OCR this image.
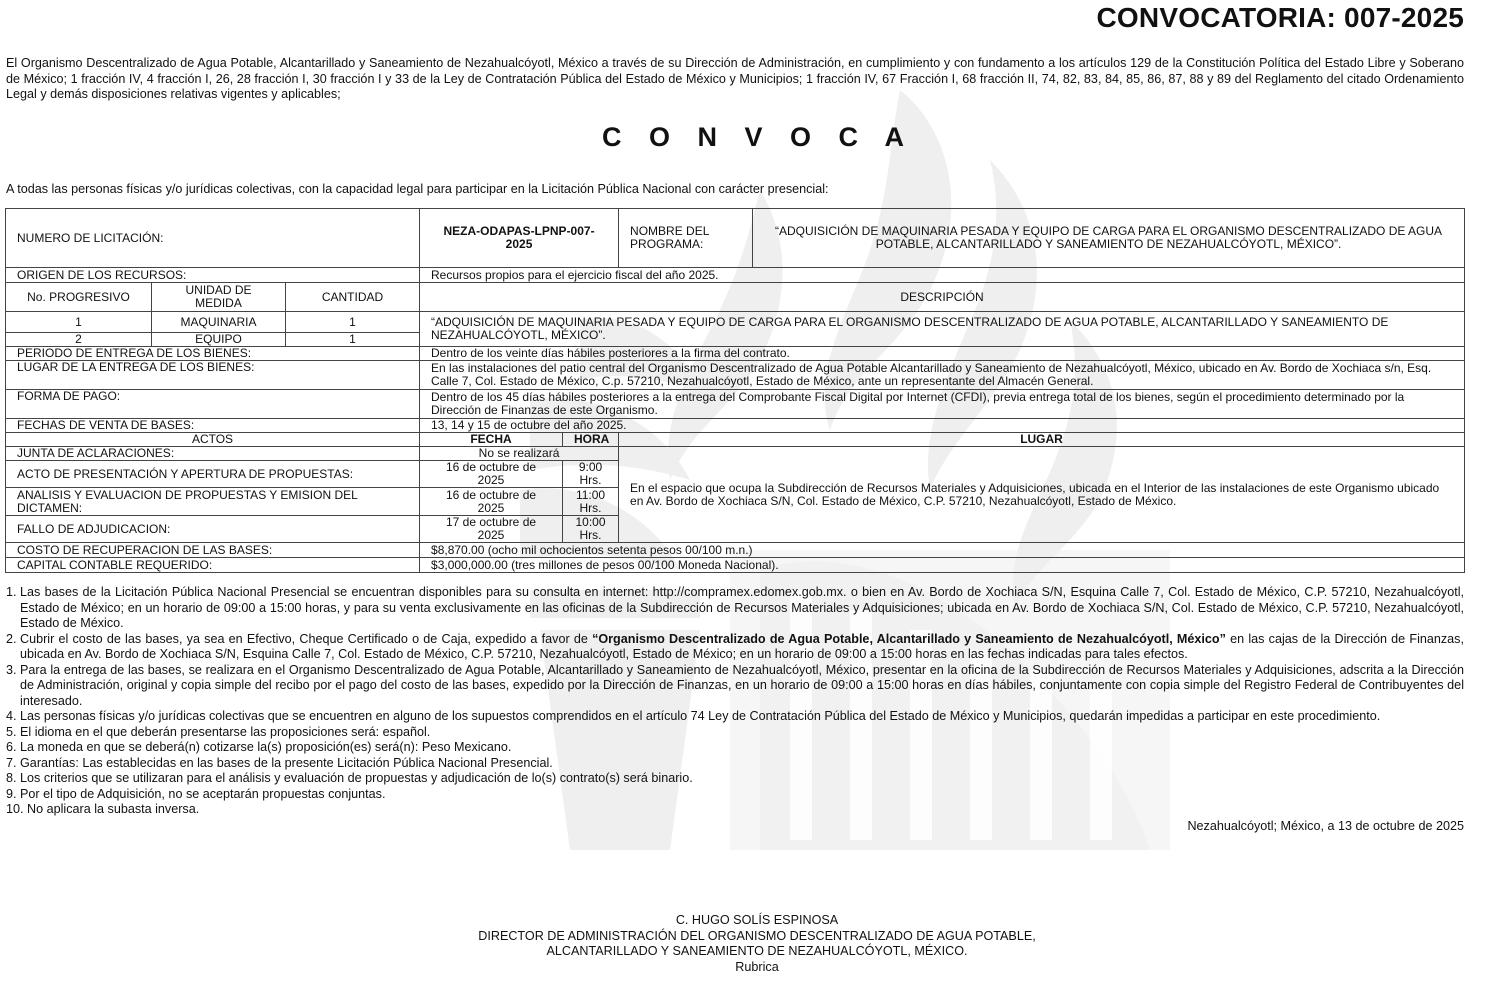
CONVOCATORIA: 007-2025
El Organismo Descentralizado de Agua Potable, Alcantarillado y Saneamiento de Nezahualcóyotl, México a través de su Dirección de Administración, en cumplimiento y con fundamento a los artículos 129 de la Constitución Política del Estado Libre y Soberano de México; 1 fracción IV, 4 fracción I, 26, 28 fracción I, 30 fracción I y 33 de la Ley de Contratación Pública del Estado de México y Municipios; 1 fracción IV, 67 Fracción I, 68 fracción II, 74, 82, 83, 84, 85, 86, 87, 88 y 89 del Reglamento del citado Ordenamiento Legal y demás disposiciones relativas vigentes y aplicables;
C O N V O C A
A todas las personas físicas y/o jurídicas colectivas, con la capacidad legal para participar en la Licitación Pública Nacional con carácter presencial:
NUMERO DE LICITACIÓN:			NEZA-ODAPAS-LPNP-007-2025		NOMBRE DEL PROGRAMA:	“ADQUISICIÓN DE MAQUINARIA PESADA Y EQUIPO DE CARGA PARA EL ORGANISMO DESCENTRALIZADO DE AGUA POTABLE, ALCANTARILLADO Y SANEAMIENTO DE NEZAHUALCÓYOTL, MÉXICO”.
ORIGEN DE LOS RECURSOS:			Recursos propios para el ejercicio fiscal del año 2025.			
No. PROGRESIVO	UNIDAD DE MEDIDA	CANTIDAD	DESCRIPCIÓN			
1	MAQUINARIA	1	“ADQUISICIÓN DE MAQUINARIA PESADA Y EQUIPO DE CARGA PARA EL ORGANISMO DESCENTRALIZADO DE AGUA POTABLE, ALCANTARILLADO Y SANEAMIENTO DE NEZAHUALCÓYOTL, MÉXICO”.			
2	EQUIPO	1				
PERIODO DE ENTREGA DE LOS BIENES:			Dentro de los veinte días hábiles posteriores a la firma del contrato.			
LUGAR DE LA ENTREGA DE LOS BIENES:			En las instalaciones del patio central del Organismo Descentralizado de Agua Potable Alcantarillado y Saneamiento de Nezahualcóyotl, México, ubicado en Av. Bordo de Xochiaca s/n, Esq. Calle 7, Col. Estado de México, C.p. 57210, Nezahualcóyotl, Estado de México, ante un representante del Almacén General.			
FORMA DE PAGO:			Dentro de los 45 días hábiles posteriores a la entrega del Comprobante Fiscal Digital por Internet (CFDI), previa entrega total de los bienes, según el procedimiento determinado por la Dirección de Finanzas de este Organismo.			
FECHAS DE VENTA DE BASES:			13, 14 y 15 de octubre del año 2025.			
ACTOS			FECHA	HORA	LUGAR	
JUNTA DE ACLARACIONES:			No se realizará		En el espacio que ocupa la Subdirección de Recursos Materiales y Adquisiciones, ubicada en el Interior de las instalaciones de este Organismo ubicado en Av. Bordo de Xochiaca S/N, Col. Estado de México, C.P. 57210, Nezahualcóyotl, Estado de México.	
ACTO DE PRESENTACIÓN Y APERTURA DE PROPUESTAS:			16 de octubre de 2025	9:00 Hrs.		
ANALISIS Y EVALUACION DE PROPUESTAS Y EMISION DEL DICTAMEN:			16 de octubre de 2025	11:00 Hrs.		
FALLO DE ADJUDICACION:			17 de octubre de 2025	10:00 Hrs.		
COSTO DE RECUPERACION DE LAS BASES:			$8,870.00 (ocho mil ochocientos setenta pesos 00/100 m.n.)			
CAPITAL CONTABLE REQUERIDO:			$3,000,000.00 (tres millones de pesos 00/100 Moneda Nacional).			
1. Las bases de la Licitación Pública Nacional Presencial se encuentran disponibles para su consulta en internet: http://compramex.edomex.gob.mx. o bien en Av. Bordo de Xochiaca S/N, Esquina Calle 7, Col. Estado de México, C.P. 57210, Nezahualcóyotl, Estado de México; en un horario de 09:00 a 15:00 horas, y para su venta exclusivamente en las oficinas de la Subdirección de Recursos Materiales y Adquisiciones; ubicada en Av. Bordo de Xochiaca S/N, Col. Estado de México, C.P. 57210, Nezahualcóyotl, Estado de México.
2. Cubrir el costo de las bases, ya sea en Efectivo, Cheque Certificado o de Caja, expedido a favor de “Organismo Descentralizado de Agua Potable, Alcantarillado y Saneamiento de Nezahualcóyotl, México” en las cajas de la Dirección de Finanzas, ubicada en Av. Bordo de Xochiaca S/N, Esquina Calle 7, Col. Estado de México, C.P. 57210, Nezahualcóyotl, Estado de México; en un horario de 09:00 a 15:00 horas en las fechas indicadas para tales efectos.
3. Para la entrega de las bases, se realizara en el Organismo Descentralizado de Agua Potable, Alcantarillado y Saneamiento de Nezahualcóyotl, México, presentar en la oficina de la Subdirección de Recursos Materiales y Adquisiciones, adscrita a la Dirección de Administración, original y copia simple del recibo por el pago del costo de las bases, expedido por la Dirección de Finanzas, en un horario de 09:00 a 15:00 horas en días hábiles, conjuntamente con copia simple del Registro Federal de Contribuyentes del interesado.
4. Las personas físicas y/o jurídicas colectivas que se encuentren en alguno de los supuestos comprendidos en el artículo 74 Ley de Contratación Pública del Estado de México y Municipios, quedarán impedidas a participar en este procedimiento.
5. El idioma en el que deberán presentarse las proposiciones será: español.
6. La moneda en que se deberá(n) cotizarse la(s) proposición(es) será(n): Peso Mexicano.
7. Garantías: Las establecidas en las bases de la presente Licitación Pública Nacional Presencial.
8. Los criterios que se utilizaran para el análisis y evaluación de propuestas y adjudicación de lo(s) contrato(s) será binario.
9. Por el tipo de Adquisición, no se aceptarán propuestas conjuntas.
10. No aplicara la subasta inversa.
Nezahualcóyotl; México, a 13 de octubre de 2025
C. HUGO SOLÍS ESPINOSA
DIRECTOR DE ADMINISTRACIÓN DEL ORGANISMO DESCENTRALIZADO DE AGUA POTABLE,
ALCANTARILLADO Y SANEAMIENTO DE NEZAHUALCÓYOTL, MÉXICO.
Rubrica
